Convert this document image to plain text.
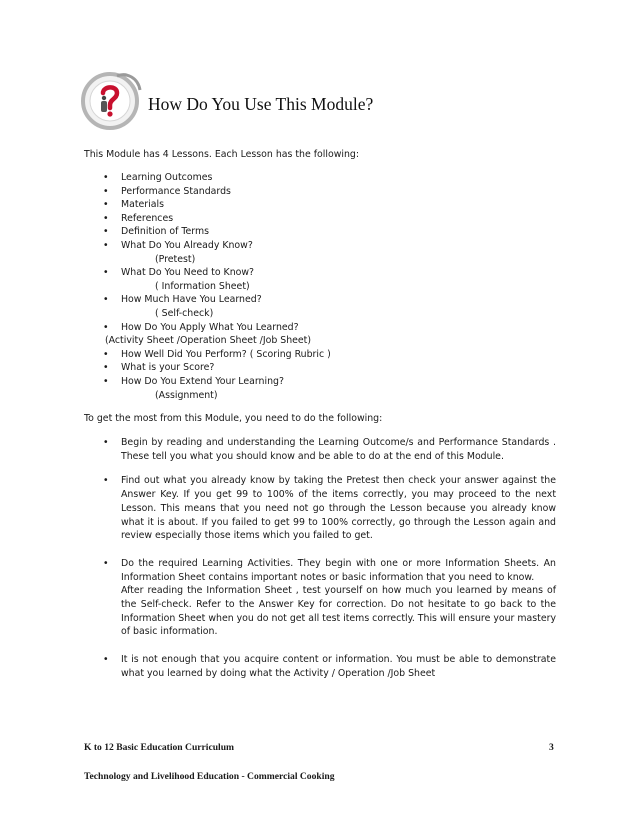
How Do You Use This Module?
This Module has 4 Lessons. Each Lesson has the following:
• Learning Outcomes
• Performance Standards
• Materials
• References
• Definition of Terms
• What Do You Already Know?
(Pretest)
• What Do You Need to Know?
( Information Sheet)
• How Much Have You Learned?
( Self-check)
• How Do You Apply What You Learned?
(Activity Sheet /Operation Sheet /Job Sheet)
• How Well Did You Perform? ( Scoring Rubric )
• What is your Score?
• How Do You Extend Your Learning?
(Assignment)
To get the most from this Module, you need to do the following:

• Begin by reading and understanding the Learning Outcome/s and Performance Standards . These tell you what you should know and be able to do at the end of this Module.

• Find out what you already know by taking the Pretest then check your answer against the Answer Key. If you get 99 to 100% of the items correctly, you may proceed to the next Lesson. This means that you need not go through the Lesson because you already know what it is about. If you failed to get 99 to 100% correctly, go through the Lesson again and review especially those items which you failed to get.

• Do the required Learning Activities. They begin with one or more Information Sheets. An Information Sheet contains important notes or basic information that you need to know.

After reading the Information Sheet , test yourself on how much you learned by means of the Self-check. Refer to the Answer Key for correction. Do not hesitate to go back to the Information Sheet when you do not get all test items correctly. This will ensure your mastery of basic information.

• It is not enough that you acquire content or information. You must be able to demonstrate what you learned by doing what the Activity / Operation /Job Sheet

K to 12 Basic Education Curriculum	3
Technology and Livelihood Education - Commercial Cooking
